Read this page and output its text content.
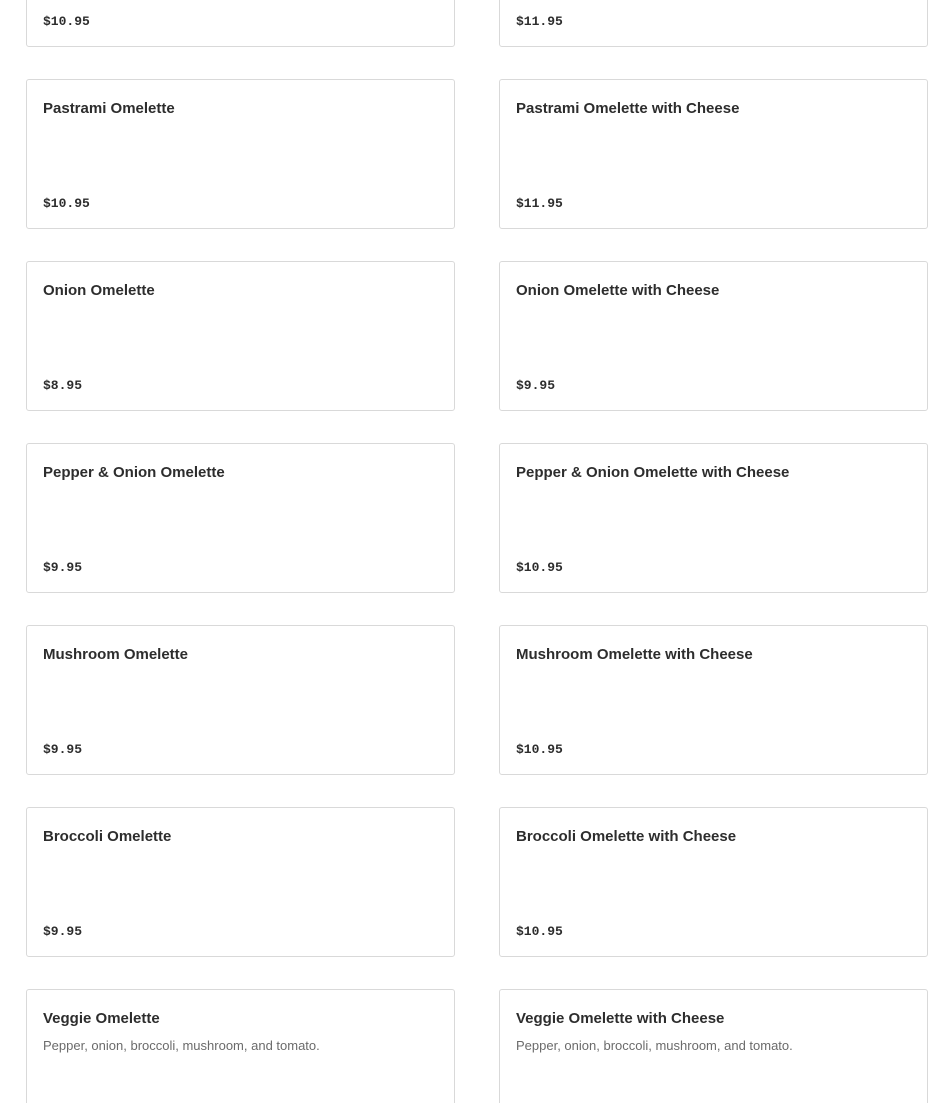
$10.95	$11.95
Pastrami Omelette
$10.95
Pastrami Omelette with Cheese
$11.95
Onion Omelette
$8.95
Onion Omelette with Cheese
$9.95
Pepper & Onion Omelette
$9.95
Pepper & Onion Omelette with Cheese
$10.95
Mushroom Omelette
$9.95
Mushroom Omelette with Cheese
$10.95
Broccoli Omelette
$9.95
Broccoli Omelette with Cheese
$10.95
Veggie Omelette
Pepper, onion, broccoli, mushroom, and tomato.
Veggie Omelette with Cheese
Pepper, onion, broccoli, mushroom, and tomato.
